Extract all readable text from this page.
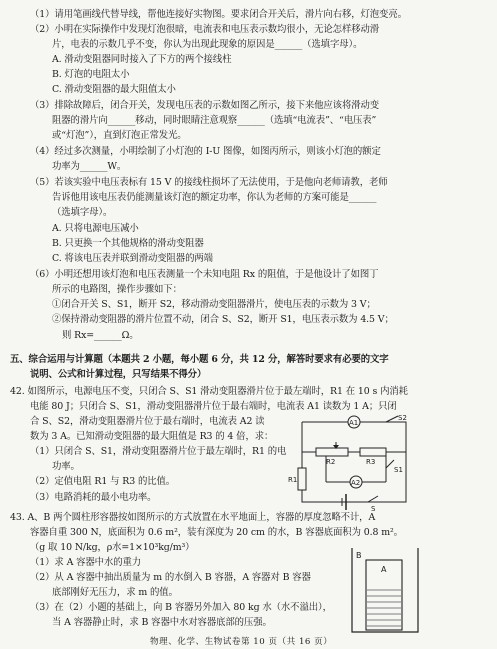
（1）请用笔画线代替导线，帮他连接好实物图。要求闭合开关后，滑片向右移，灯泡变亮。
（2）小明在实际操作中发现灯泡很暗，电流表和电压表示数均很小，无论怎样移动滑
片，电表的示数几乎不变，你认为出现此现象的原因是______（选填字母）。
A. 滑动变阻器同时接入了下方的两个接线柱
B. 灯泡的电阻太小
C. 滑动变阻器的最大阻值太小
（3）排除故障后，闭合开关，发现电压表的示数如图乙所示，接下来他应该将滑动变
阻器的滑片向______移动，同时眼睛注意观察______（选填“电流表”、“电压表”
或“灯泡”），直到灯泡正常发光。
（4）经过多次测量，小明绘制了小灯泡的 I-U 图像，如图丙所示，则该小灯泡的额定
功率为______W。
（5）若该实验中电压表标有 15 V 的接线柱损坏了无法使用，于是他向老师请教，老师
告诉他用该电压表仍能测量该灯泡的额定功率，你认为老师的方案可能是______
（选填字母）。
A. 只将电源电压减小
B. 只更换一个其他规格的滑动变阻器
C. 将该电压表并联到滑动变阻器的两端
（6）小明还想用该灯泡和电压表测量一个未知电阻 Rx 的阻值，于是他设计了如图丁
所示的电路图，操作步骤如下：
①闭合开关 S、S1，断开 S2，移动滑动变阻器滑片，使电压表的示数为 3 V；
②保持滑动变阻器的滑片位置不动，闭合 S、S2，断开 S1，电压表示数为 4.5 V；
则 Rx=______Ω。
五、综合运用与计算题（本题共 2 小题，每小题 6 分，共 12 分，解答时要求有必要的文字
说明、公式和计算过程，只写结果不得分）
42. 如图所示，电源电压不变，只闭合 S、S1 滑动变阻器滑片位于最左端时，R1 在 10 s 内消耗
电能 80 J；只闭合 S、S1，滑动变阻器滑片位于最右端时，电流表 A1 读数为 1 A；只闭
合 S、S2，滑动变阻器滑片位于最右端时，电流表 A2 读
数为 3 A。已知滑动变阻器的最大阻值是 R3 的 4 倍，求：
（1）只闭合 S、S1，滑动变阻器滑片位于最左端时，R1 的电
功率。
（2）定值电阻 R1 与 R3 的比值。
（3）电路消耗的最小电功率。
A1
A2
R1
R2	R3
S
S1
S2
43. A、B 两个圆柱形容器按如图所示的方式放置在水平地面上，容器的厚度忽略不计，A
容器自重 300 N，底面积为 0.6 m²，装有深度为 20 cm 的水，B 容器底面积为 0.8 m²。
（g 取 10 N/kg，ρ水=1×10³kg/m³）
（1）求 A 容器中水的重力
（2）从 A 容器中抽出质量为 m 的水倒入 B 容器，A 容器对 B 容器
底部刚好无压力，求 m 的值。
（3）在（2）小题的基础上，向 B 容器另外加入 80 kg 水（水不溢出），
当 A 容器静止时，求 B 容器中水对容器底部的压强。
B
A
物理、化学、生物试卷第 10 页（共 16 页）
